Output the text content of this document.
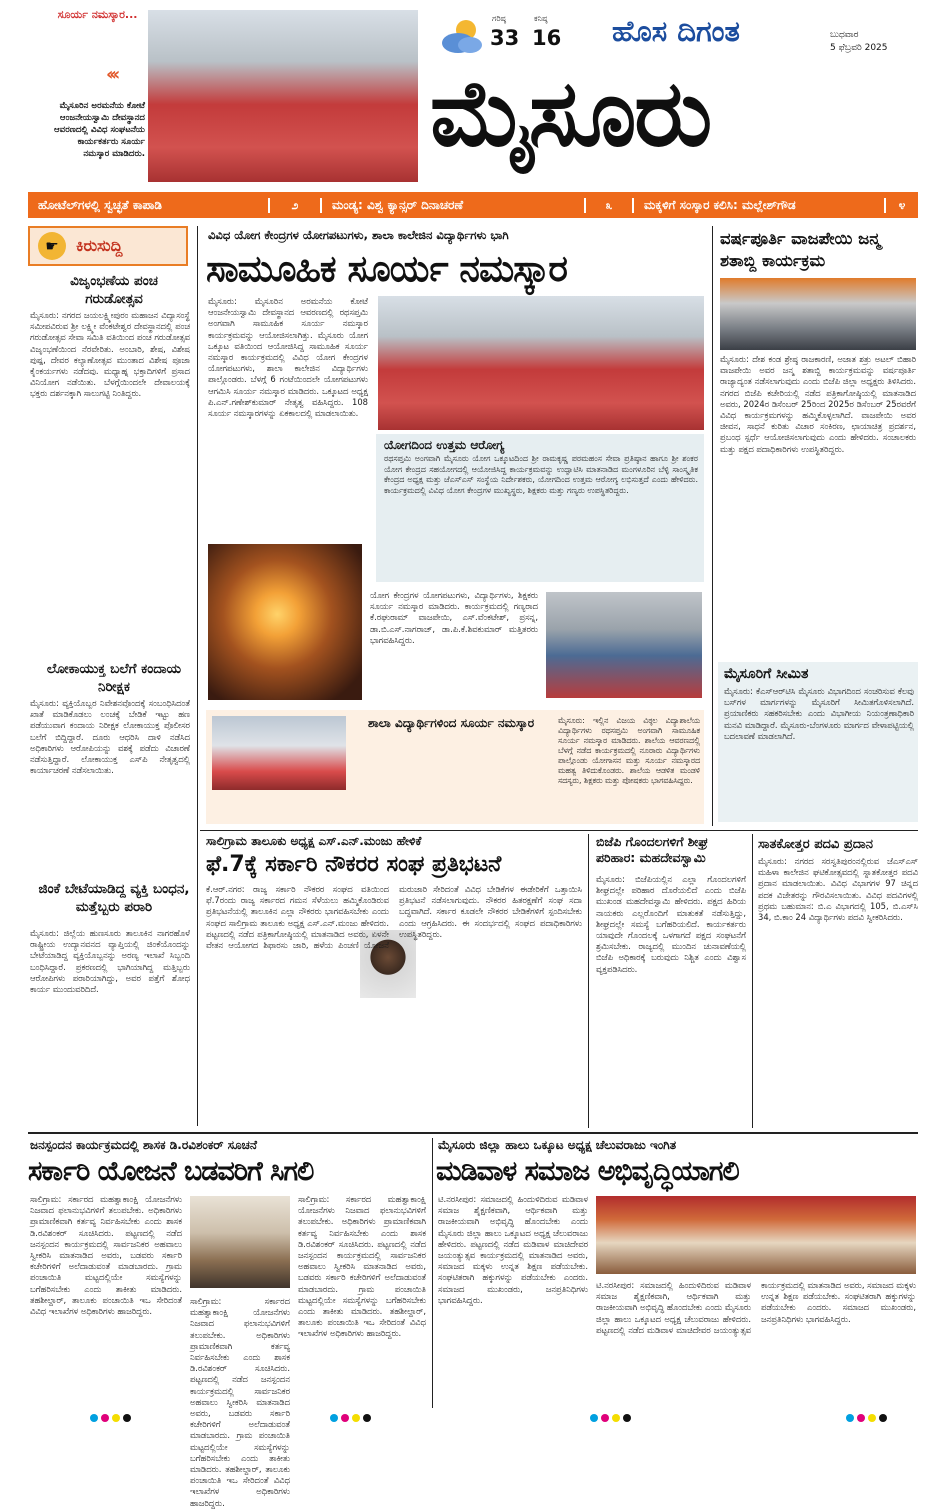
ಸೂರ್ಯ ನಮಸ್ಕಾರ...
‹‹‹
ಮೈಸೂರಿನ ಅರಮನೆಯ ಕೋಟೆ ಆಂಜನೇಯಸ್ವಾಮಿ ದೇವಸ್ಥಾನದ ಆವರಣದಲ್ಲಿ ವಿವಿಧ ಸಂಘಟನೆಯ ಕಾರ್ಯಕರ್ತರು ಸೂರ್ಯ ನಮಸ್ಕಾರ ಮಾಡಿದರು.
ಗರಿಷ್ಠ
33
ಕನಿಷ್ಠ
16 ಹೊಸ ದಿಗಂತ	ಬುಧವಾರ
5 ಫೆಬ್ರವರಿ 2025
ಮೈಸೂರು
ಹೋಟೆಲ್‌ಗಳಲ್ಲಿ ಸ್ವಚ್ಛತೆ ಕಾಪಾಡಿ	೨	ಮಂಡ್ಯ: ವಿಶ್ವ ಕ್ಯಾನ್ಸರ್ ದಿನಾಚರಣೆ	೩	ಮಕ್ಕಳಿಗೆ ಸಂಸ್ಕಾರ ಕಲಿಸಿ: ಮಲ್ಲೇಶ್‌ಗೌಡ	೪
☛	ಕಿರುಸುದ್ದಿ
ವಿಜೃಂಭಣೆಯ ಪಂಚ ಗರುಡೋತ್ಸವ
ಮೈಸೂರು: ನಗರದ ಜಯಲಕ್ಷ್ಮೀಪುರಂ ಮಹಾಜನ ವಿದ್ಯಾಸಂಸ್ಥೆ ಸಮೀಪವಿರುವ ಶ್ರೀ ಲಕ್ಷ್ಮೀ ವೆಂಕಟೇಶ್ವರ ದೇವಸ್ಥಾನದಲ್ಲಿ ಪಂಚ ಗರುಡೋತ್ಸವ ಸೇವಾ ಸಮಿತಿ ವತಿಯಿಂದ ಪಂಚ ಗರುಡೋತ್ಸವ ವಿಜೃಂಭಣೆಯಿಂದ ನೆರವೇರಿತು. ಅಂಬಾರಿ, ಶೇಷ, ವಿಶೇಷ ಪುಷ್ಪ, ದೇವರ ಕಲ್ಯಾಣೋತ್ಸವ ಮುಂತಾದ ವಿಶೇಷ ಪೂಜಾ ಕೈಂಕರ್ಯಗಳು ನಡೆದವು. ಮಧ್ಯಾಹ್ನ ಭಕ್ತಾದಿಗಳಿಗೆ ಪ್ರಸಾದ ವಿನಿಯೋಗ ನಡೆಯಿತು. ಬೆಳಗ್ಗೆಯಿಂದಲೇ ದೇವಾಲಯಕ್ಕೆ ಭಕ್ತರು ದರ್ಶನಕ್ಕಾಗಿ ಸಾಲುಗಟ್ಟಿ ನಿಂತಿದ್ದರು.
ಲೋಕಾಯುಕ್ತ ಬಲೆಗೆ ಕಂದಾಯ ನಿರೀಕ್ಷಕ
ಮೈಸೂರು: ವ್ಯಕ್ತಿಯೊಬ್ಬರ ನಿವೇಶನವೊಂದಕ್ಕೆ ಸಂಬಂಧಿಸಿದಂತೆ ಖಾತೆ ಮಾಡಿಕೊಡಲು ಲಂಚಕ್ಕೆ ಬೇಡಿಕೆ ಇಟ್ಟು ಹಣ ಪಡೆಯುವಾಗ ಕಂದಾಯ ನಿರೀಕ್ಷಕ ಲೋಕಾಯುಕ್ತ ಪೊಲೀಸರ ಬಲೆಗೆ ಬಿದ್ದಿದ್ದಾರೆ. ದೂರು ಆಧರಿಸಿ ದಾಳಿ ನಡೆಸಿದ ಅಧಿಕಾರಿಗಳು ಆರೋಪಿಯನ್ನು ವಶಕ್ಕೆ ಪಡೆದು ವಿಚಾರಣೆ ನಡೆಸುತ್ತಿದ್ದಾರೆ. ಲೋಕಾಯುಕ್ತ ಎಸ್‌ಪಿ ನೇತೃತ್ವದಲ್ಲಿ ಕಾರ್ಯಾಚರಣೆ ನಡೆಸಲಾಯಿತು.
ಜಿಂಕೆ ಬೇಟೆಯಾಡಿದ್ದ ವ್ಯಕ್ತಿ ಬಂಧನ, ಮತ್ತೆಬ್ಬರು ಪರಾರಿ
ಮೈಸೂರು: ಜಿಲ್ಲೆಯ ಹುಣಸೂರು ತಾಲೂಕಿನ ನಾಗರಹೊಳೆ ರಾಷ್ಟ್ರೀಯ ಉದ್ಯಾನವನದ ವ್ಯಾಪ್ತಿಯಲ್ಲಿ ಜಿಂಕೆಯೊಂದನ್ನು ಬೇಟೆಯಾಡಿದ್ದ ವ್ಯಕ್ತಿಯೊಬ್ಬನನ್ನು ಅರಣ್ಯ ಇಲಾಖೆ ಸಿಬ್ಬಂದಿ ಬಂಧಿಸಿದ್ದಾರೆ. ಪ್ರಕರಣದಲ್ಲಿ ಭಾಗಿಯಾಗಿದ್ದ ಮತ್ತಿಬ್ಬರು ಆರೋಪಿಗಳು ಪರಾರಿಯಾಗಿದ್ದು, ಅವರ ಪತ್ತೆಗೆ ಶೋಧ ಕಾರ್ಯ ಮುಂದುವರಿದಿದೆ.
ವಿವಿಧ ಯೋಗ ಕೇಂದ್ರಗಳ ಯೋಗಪಟುಗಳು, ಶಾಲಾ ಕಾಲೇಜಿನ ವಿದ್ಯಾರ್ಥಿಗಳು ಭಾಗಿ
ಸಾಮೂಹಿಕ ಸೂರ್ಯ ನಮಸ್ಕಾರ
ಮೈಸೂರು: ಮೈಸೂರಿನ ಅರಮನೆಯ ಕೋಟೆ ಆಂಜನೇಯಸ್ವಾಮಿ ದೇವಸ್ಥಾನದ ಆವರಣದಲ್ಲಿ ರಥಸಪ್ತಮಿ ಅಂಗವಾಗಿ ಸಾಮೂಹಿಕ ಸೂರ್ಯ ನಮಸ್ಕಾರ ಕಾರ್ಯಕ್ರಮವನ್ನು ಆಯೋಜಿಸಲಾಗಿತ್ತು. ಮೈಸೂರು ಯೋಗ ಒಕ್ಕೂಟ ವತಿಯಿಂದ ಆಯೋಜಿಸಿದ್ದ ಸಾಮೂಹಿಕ ಸೂರ್ಯ ನಮಸ್ಕಾರ ಕಾರ್ಯಕ್ರಮದಲ್ಲಿ ವಿವಿಧ ಯೋಗ ಕೇಂದ್ರಗಳ ಯೋಗಪಟುಗಳು, ಶಾಲಾ ಕಾಲೇಜಿನ ವಿದ್ಯಾರ್ಥಿಗಳು ಪಾಲ್ಗೊಂಡರು. ಬೆಳಗ್ಗೆ 6 ಗಂಟೆಯಿಂದಲೇ ಯೋಗಪಟುಗಳು ಆಗಮಿಸಿ ಸೂರ್ಯ ನಮಸ್ಕಾರ ಮಾಡಿದರು. ಒಕ್ಕೂಟದ ಅಧ್ಯಕ್ಷ ಪಿ.ಎನ್.ಗಣೇಶ್‌ಕುಮಾರ್ ನೇತೃತ್ವ ವಹಿಸಿದ್ದರು. 108 ಸೂರ್ಯ ನಮಸ್ಕಾರಗಳನ್ನು ಏಕಕಾಲದಲ್ಲಿ ಮಾಡಲಾಯಿತು.
ಯೋಗದಿಂದ ಉತ್ತಮ ಆರೋಗ್ಯ
ರಥಸಪ್ತಮಿ ಅಂಗವಾಗಿ ಮೈಸೂರು ಯೋಗ ಒಕ್ಕೂಟದಿಂದ ಶ್ರೀ ರಾಮಕೃಷ್ಣ ಪರಮಹಂಸ ಸೇವಾ ಪ್ರತಿಷ್ಠಾನ ಹಾಗೂ ಶ್ರೀ ಶಂಕರ ಯೋಗ ಕೇಂದ್ರದ ಸಹಯೋಗದಲ್ಲಿ ಆಯೋಜಿಸಿದ್ದ ಕಾರ್ಯಕ್ರಮವನ್ನು ಉದ್ಘಾಟಿಸಿ ಮಾತನಾಡಿದ ಮಂಗಳೂರಿನ ಬೆಳ್ಳಿ ಸಾಂಸ್ಕೃತಿಕ ಕೇಂದ್ರದ ಅಧ್ಯಕ್ಷ ಮತ್ತು ಜೆಎಸ್‌ಎಸ್ ಸಂಸ್ಥೆಯ ನಿರ್ದೇಶಕರು, ಯೋಗದಿಂದ ಉತ್ತಮ ಆರೋಗ್ಯ ಲಭಿಸುತ್ತದೆ ಎಂದು ಹೇಳಿದರು. ಕಾರ್ಯಕ್ರಮದಲ್ಲಿ ವಿವಿಧ ಯೋಗ ಕೇಂದ್ರಗಳ ಮುಖ್ಯಸ್ಥರು, ಶಿಕ್ಷಕರು ಮತ್ತು ಗಣ್ಯರು ಉಪಸ್ಥಿತರಿದ್ದರು.
ಯೋಗ ಕೇಂದ್ರಗಳ ಯೋಗಪಟುಗಳು, ವಿದ್ಯಾರ್ಥಿಗಳು, ಶಿಕ್ಷಕರು ಸೂರ್ಯ ನಮಸ್ಕಾರ ಮಾಡಿದರು. ಕಾರ್ಯಕ್ರಮದಲ್ಲಿ ಗಣ್ಯರಾದ ಕೆ.ರಘುರಾಮ್ ವಾಜಪೇಯಿ, ಎಸ್.ವೆಂಕಟೇಶ್, ಪ್ರಸನ್ನ, ಡಾ.ಬಿ.ಎಸ್.ನಾಗರಾಜ್, ಡಾ.ಪಿ.ಕೆ.ಶಿವಕುಮಾರ್ ಮತ್ತಿತರರು ಭಾಗವಹಿಸಿದ್ದರು.
ಶಾಲಾ ವಿದ್ಯಾರ್ಥಿಗಳಿಂದ ಸೂರ್ಯ ನಮಸ್ಕಾರ	ಮೈಸೂರು: ಇಲ್ಲಿನ ವಿಜಯ ವಿಠ್ಠಲ ವಿದ್ಯಾಶಾಲೆಯ ವಿದ್ಯಾರ್ಥಿಗಳು ರಥಸಪ್ತಮಿ ಅಂಗವಾಗಿ ಸಾಮೂಹಿಕ ಸೂರ್ಯ ನಮಸ್ಕಾರ ಮಾಡಿದರು. ಶಾಲೆಯ ಆವರಣದಲ್ಲಿ ಬೆಳಗ್ಗೆ ನಡೆದ ಕಾರ್ಯಕ್ರಮದಲ್ಲಿ ನೂರಾರು ವಿದ್ಯಾರ್ಥಿಗಳು ಪಾಲ್ಗೊಂಡು ಯೋಗಾಸನ ಮತ್ತು ಸೂರ್ಯ ನಮಸ್ಕಾರದ ಮಹತ್ವ ತಿಳಿದುಕೊಂಡರು. ಶಾಲೆಯ ಆಡಳಿತ ಮಂಡಳಿ ಸದಸ್ಯರು, ಶಿಕ್ಷಕರು ಮತ್ತು ಪೋಷಕರು ಭಾಗವಹಿಸಿದ್ದರು.
ವರ್ಷಪೂರ್ತಿ ವಾಜಪೇಯಿ ಜನ್ಮ ಶತಾಬ್ದಿ ಕಾರ್ಯಕ್ರಮ
ಮೈಸೂರು: ದೇಶ ಕಂಡ ಶ್ರೇಷ್ಠ ರಾಜಕಾರಣಿ, ಅಜಾತ ಶತ್ರು ಅಟಲ್ ಬಿಹಾರಿ ವಾಜಪೇಯಿ ಅವರ ಜನ್ಮ ಶತಾಬ್ದಿ ಕಾರ್ಯಕ್ರಮವನ್ನು ವರ್ಷಪೂರ್ತಿ ರಾಜ್ಯಾದ್ಯಂತ ನಡೆಸಲಾಗುವುದು ಎಂದು ಬಿಜೆಪಿ ಜಿಲ್ಲಾ ಅಧ್ಯಕ್ಷರು ತಿಳಿಸಿದರು. ನಗರದ ಬಿಜೆಪಿ ಕಚೇರಿಯಲ್ಲಿ ನಡೆದ ಪತ್ರಿಕಾಗೋಷ್ಠಿಯಲ್ಲಿ ಮಾತನಾಡಿದ ಅವರು, 2024ರ ಡಿಸೆಂಬರ್ 25ರಿಂದ 2025ರ ಡಿಸೆಂಬರ್ 25ರವರೆಗೆ ವಿವಿಧ ಕಾರ್ಯಕ್ರಮಗಳನ್ನು ಹಮ್ಮಿಕೊಳ್ಳಲಾಗಿದೆ. ವಾಜಪೇಯಿ ಅವರ ಜೀವನ, ಸಾಧನೆ ಕುರಿತು ವಿಚಾರ ಸಂಕಿರಣ, ಛಾಯಾಚಿತ್ರ ಪ್ರದರ್ಶನ, ಪ್ರಬಂಧ ಸ್ಪರ್ಧೆ ಆಯೋಜಿಸಲಾಗುವುದು ಎಂದು ಹೇಳಿದರು. ಸಂಚಾಲಕರು ಮತ್ತು ಪಕ್ಷದ ಪದಾಧಿಕಾರಿಗಳು ಉಪಸ್ಥಿತರಿದ್ದರು.
ಮೈಸೂರಿಗೆ ಸೀಮಿತ
ಮೈಸೂರು: ಕೆಎಸ್‌ಆರ್‌ಟಿಸಿ ಮೈಸೂರು ವಿಭಾಗದಿಂದ ಸಂಚರಿಸುವ ಕೆಲವು ಬಸ್‌ಗಳ ಮಾರ್ಗಗಳನ್ನು ಮೈಸೂರಿಗೆ ಸೀಮಿತಗೊಳಿಸಲಾಗಿದೆ. ಪ್ರಯಾಣಿಕರು ಸಹಕರಿಸಬೇಕು ಎಂದು ವಿಭಾಗೀಯ ನಿಯಂತ್ರಣಾಧಿಕಾರಿ ಮನವಿ ಮಾಡಿದ್ದಾರೆ. ಮೈಸೂರು-ಬೆಂಗಳೂರು ಮಾರ್ಗದ ವೇಳಾಪಟ್ಟಿಯಲ್ಲಿ ಬದಲಾವಣೆ ಮಾಡಲಾಗಿದೆ.
ಸಾಲಿಗ್ರಾಮ ತಾಲೂಕು ಅಧ್ಯಕ್ಷ ಎಸ್.ಎನ್.ಮಂಜು ಹೇಳಿಕೆ
ಫೆ.7ಕ್ಕೆ ಸರ್ಕಾರಿ ನೌಕರರ ಸಂಘ ಪ್ರತಿಭಟನೆ
ಕೆ.ಆರ್.ನಗರ: ರಾಜ್ಯ ಸರ್ಕಾರಿ ನೌಕರರ ಸಂಘದ ವತಿಯಿಂದ ಫೆ.7ರಂದು ರಾಜ್ಯ ಸರ್ಕಾರದ ಗಮನ ಸೆಳೆಯಲು ಹಮ್ಮಿಕೊಂಡಿರುವ ಪ್ರತಿಭಟನೆಯಲ್ಲಿ ತಾಲೂಕಿನ ಎಲ್ಲಾ ನೌಕರರು ಭಾಗವಹಿಸಬೇಕು ಎಂದು ಸಂಘದ ಸಾಲಿಗ್ರಾಮ ತಾಲೂಕು ಅಧ್ಯಕ್ಷ ಎಸ್.ಎನ್.ಮಂಜು ಹೇಳಿದರು. ಪಟ್ಟಣದಲ್ಲಿ ನಡೆದ ಪತ್ರಿಕಾಗೋಷ್ಠಿಯಲ್ಲಿ ಮಾತನಾಡಿದ ಅವರು, ಏಳನೇ ವೇತನ ಆಯೋಗದ ಶಿಫಾರಸು ಜಾರಿ, ಹಳೆಯ ಪಿಂಚಣಿ ಯೋಜನೆ ಮರುಜಾರಿ ಸೇರಿದಂತೆ ವಿವಿಧ ಬೇಡಿಕೆಗಳ ಈಡೇರಿಕೆಗೆ ಒತ್ತಾಯಿಸಿ ಪ್ರತಿಭಟನೆ ನಡೆಸಲಾಗುವುದು. ನೌಕರರ ಹಿತರಕ್ಷಣೆಗೆ ಸಂಘ ಸದಾ ಬದ್ಧವಾಗಿದೆ. ಸರ್ಕಾರ ಕೂಡಲೇ ನೌಕರರ ಬೇಡಿಕೆಗಳಿಗೆ ಸ್ಪಂದಿಸಬೇಕು ಎಂದು ಆಗ್ರಹಿಸಿದರು. ಈ ಸಂದರ್ಭದಲ್ಲಿ ಸಂಘದ ಪದಾಧಿಕಾರಿಗಳು ಉಪಸ್ಥಿತರಿದ್ದರು.
ಬಿಜೆಪಿ ಗೊಂದಲಗಳಿಗೆ ಶೀಘ್ರ ಪರಿಹಾರ: ಮಹದೇವಸ್ವಾಮಿ
ಮೈಸೂರು: ಬಿಜೆಪಿಯಲ್ಲಿನ ಎಲ್ಲಾ ಗೊಂದಲಗಳಿಗೆ ಶೀಘ್ರದಲ್ಲೇ ಪರಿಹಾರ ದೊರೆಯಲಿದೆ ಎಂದು ಬಿಜೆಪಿ ಮುಖಂಡ ಮಹದೇವಸ್ವಾಮಿ ಹೇಳಿದರು. ಪಕ್ಷದ ಹಿರಿಯ ನಾಯಕರು ಎಲ್ಲರೊಂದಿಗೆ ಮಾತುಕತೆ ನಡೆಸುತ್ತಿದ್ದು, ಶೀಘ್ರದಲ್ಲೇ ಸಮಸ್ಯೆ ಬಗೆಹರಿಯಲಿದೆ. ಕಾರ್ಯಕರ್ತರು ಯಾವುದೇ ಗೊಂದಲಕ್ಕೆ ಒಳಗಾಗದೆ ಪಕ್ಷದ ಸಂಘಟನೆಗೆ ಶ್ರಮಿಸಬೇಕು. ರಾಜ್ಯದಲ್ಲಿ ಮುಂದಿನ ಚುನಾವಣೆಯಲ್ಲಿ ಬಿಜೆಪಿ ಅಧಿಕಾರಕ್ಕೆ ಬರುವುದು ನಿಶ್ಚಿತ ಎಂದು ವಿಶ್ವಾಸ ವ್ಯಕ್ತಪಡಿಸಿದರು.
ಸಾತಕೋತ್ತರ ಪದವಿ ಪ್ರದಾನ
ಮೈಸೂರು: ನಗರದ ಸರಸ್ವತಿಪುರಂನಲ್ಲಿರುವ ಜೆಎಸ್‌ಎಸ್ ಮಹಿಳಾ ಕಾಲೇಜಿನ ಘಟಿಕೋತ್ಸವದಲ್ಲಿ ಸ್ನಾತಕೋತ್ತರ ಪದವಿ ಪ್ರದಾನ ಮಾಡಲಾಯಿತು. ವಿವಿಧ ವಿಭಾಗಗಳ 97 ಚಿನ್ನದ ಪದಕ ವಿಜೇತರನ್ನು ಗೌರವಿಸಲಾಯಿತು. ವಿವಿಧ ಪದವಿಗಳಲ್ಲಿ ಪ್ರಥಮ ಬಹುಮಾನ: ಬಿ.ಎ ವಿಭಾಗದಲ್ಲಿ 105, ಬಿ.ಎಸ್‌ಸಿ 34, ಬಿ.ಕಾಂ 24 ವಿದ್ಯಾರ್ಥಿಗಳು ಪದವಿ ಸ್ವೀಕರಿಸಿದರು.
ಜನಸ್ಪಂದನ ಕಾರ್ಯಕ್ರಮದಲ್ಲಿ ಶಾಸಕ ಡಿ.ರವಿಶಂಕರ್ ಸೂಚನೆ
ಸರ್ಕಾರಿ ಯೋಜನೆ ಬಡವರಿಗೆ ಸಿಗಲಿ
ಸಾಲಿಗ್ರಾಮ: ಸರ್ಕಾರದ ಮಹತ್ವಾಕಾಂಕ್ಷಿ ಯೋಜನೆಗಳು ನಿಜವಾದ ಫಲಾನುಭವಿಗಳಿಗೆ ತಲುಪಬೇಕು. ಅಧಿಕಾರಿಗಳು ಪ್ರಾಮಾಣಿಕವಾಗಿ ಕರ್ತವ್ಯ ನಿರ್ವಹಿಸಬೇಕು ಎಂದು ಶಾಸಕ ಡಿ.ರವಿಶಂಕರ್ ಸೂಚಿಸಿದರು. ಪಟ್ಟಣದಲ್ಲಿ ನಡೆದ ಜನಸ್ಪಂದನ ಕಾರ್ಯಕ್ರಮದಲ್ಲಿ ಸಾರ್ವಜನಿಕರ ಅಹವಾಲು ಸ್ವೀಕರಿಸಿ ಮಾತನಾಡಿದ ಅವರು, ಬಡವರು ಸರ್ಕಾರಿ ಕಚೇರಿಗಳಿಗೆ ಅಲೆದಾಡುವಂತೆ ಮಾಡಬಾರದು. ಗ್ರಾಮ ಪಂಚಾಯಿತಿ ಮಟ್ಟದಲ್ಲಿಯೇ ಸಮಸ್ಯೆಗಳನ್ನು ಬಗೆಹರಿಸಬೇಕು ಎಂದು ತಾಕೀತು ಮಾಡಿದರು. ತಹಶೀಲ್ದಾರ್, ತಾಲೂಕು ಪಂಚಾಯಿತಿ ಇಒ ಸೇರಿದಂತೆ ವಿವಿಧ ಇಲಾಖೆಗಳ ಅಧಿಕಾರಿಗಳು ಹಾಜರಿದ್ದರು.
ಸಾಲಿಗ್ರಾಮ: ಸರ್ಕಾರದ ಮಹತ್ವಾಕಾಂಕ್ಷಿ ಯೋಜನೆಗಳು ನಿಜವಾದ ಫಲಾನುಭವಿಗಳಿಗೆ ತಲುಪಬೇಕು. ಅಧಿಕಾರಿಗಳು ಪ್ರಾಮಾಣಿಕವಾಗಿ ಕರ್ತವ್ಯ ನಿರ್ವಹಿಸಬೇಕು ಎಂದು ಶಾಸಕ ಡಿ.ರವಿಶಂಕರ್ ಸೂಚಿಸಿದರು. ಪಟ್ಟಣದಲ್ಲಿ ನಡೆದ ಜನಸ್ಪಂದನ ಕಾರ್ಯಕ್ರಮದಲ್ಲಿ ಸಾರ್ವಜನಿಕರ ಅಹವಾಲು ಸ್ವೀಕರಿಸಿ ಮಾತನಾಡಿದ ಅವರು, ಬಡವರು ಸರ್ಕಾರಿ ಕಚೇರಿಗಳಿಗೆ ಅಲೆದಾಡುವಂತೆ ಮಾಡಬಾರದು. ಗ್ರಾಮ ಪಂಚಾಯಿತಿ ಮಟ್ಟದಲ್ಲಿಯೇ ಸಮಸ್ಯೆಗಳನ್ನು ಬಗೆಹರಿಸಬೇಕು ಎಂದು ತಾಕೀತು ಮಾಡಿದರು. ತಹಶೀಲ್ದಾರ್, ತಾಲೂಕು ಪಂಚಾಯಿತಿ ಇಒ ಸೇರಿದಂತೆ ವಿವಿಧ ಇಲಾಖೆಗಳ ಅಧಿಕಾರಿಗಳು ಹಾಜರಿದ್ದರು.
ಸಾಲಿಗ್ರಾಮ: ಸರ್ಕಾರದ ಮಹತ್ವಾಕಾಂಕ್ಷಿ ಯೋಜನೆಗಳು ನಿಜವಾದ ಫಲಾನುಭವಿಗಳಿಗೆ ತಲುಪಬೇಕು. ಅಧಿಕಾರಿಗಳು ಪ್ರಾಮಾಣಿಕವಾಗಿ ಕರ್ತವ್ಯ ನಿರ್ವಹಿಸಬೇಕು ಎಂದು ಶಾಸಕ ಡಿ.ರವಿಶಂಕರ್ ಸೂಚಿಸಿದರು. ಪಟ್ಟಣದಲ್ಲಿ ನಡೆದ ಜನಸ್ಪಂದನ ಕಾರ್ಯಕ್ರಮದಲ್ಲಿ ಸಾರ್ವಜನಿಕರ ಅಹವಾಲು ಸ್ವೀಕರಿಸಿ ಮಾತನಾಡಿದ ಅವರು, ಬಡವರು ಸರ್ಕಾರಿ ಕಚೇರಿಗಳಿಗೆ ಅಲೆದಾಡುವಂತೆ ಮಾಡಬಾರದು. ಗ್ರಾಮ ಪಂಚಾಯಿತಿ ಮಟ್ಟದಲ್ಲಿಯೇ ಸಮಸ್ಯೆಗಳನ್ನು ಬಗೆಹರಿಸಬೇಕು ಎಂದು ತಾಕೀತು ಮಾಡಿದರು. ತಹಶೀಲ್ದಾರ್, ತಾಲೂಕು ಪಂಚಾಯಿತಿ ಇಒ ಸೇರಿದಂತೆ ವಿವಿಧ ಇಲಾಖೆಗಳ ಅಧಿಕಾರಿಗಳು ಹಾಜರಿದ್ದರು.
ಮೈಸೂರು ಜಿಲ್ಲಾ ಹಾಲು ಒಕ್ಕೂಟ ಅಧ್ಯಕ್ಷ ಚೆಲುವರಾಜು ಇಂಗಿತ
ಮಡಿವಾಳ ಸಮಾಜ ಅಭಿವೃದ್ಧಿಯಾಗಲಿ
ಟಿ.ನರಸೀಪುರ: ಸಮಾಜದಲ್ಲಿ ಹಿಂದುಳಿದಿರುವ ಮಡಿವಾಳ ಸಮಾಜ ಶೈಕ್ಷಣಿಕವಾಗಿ, ಆರ್ಥಿಕವಾಗಿ ಮತ್ತು ರಾಜಕೀಯವಾಗಿ ಅಭಿವೃದ್ಧಿ ಹೊಂದಬೇಕು ಎಂದು ಮೈಸೂರು ಜಿಲ್ಲಾ ಹಾಲು ಒಕ್ಕೂಟದ ಅಧ್ಯಕ್ಷ ಚೆಲುವರಾಜು ಹೇಳಿದರು. ಪಟ್ಟಣದಲ್ಲಿ ನಡೆದ ಮಡಿವಾಳ ಮಾಚಿದೇವರ ಜಯಂತ್ಯುತ್ಸವ ಕಾರ್ಯಕ್ರಮದಲ್ಲಿ ಮಾತನಾಡಿದ ಅವರು, ಸಮಾಜದ ಮಕ್ಕಳು ಉನ್ನತ ಶಿಕ್ಷಣ ಪಡೆಯಬೇಕು. ಸಂಘಟಿತರಾಗಿ ಹಕ್ಕುಗಳನ್ನು ಪಡೆಯಬೇಕು ಎಂದರು. ಸಮಾಜದ ಮುಖಂಡರು, ಜನಪ್ರತಿನಿಧಿಗಳು ಭಾಗವಹಿಸಿದ್ದರು.
ಟಿ.ನರಸೀಪುರ: ಸಮಾಜದಲ್ಲಿ ಹಿಂದುಳಿದಿರುವ ಮಡಿವಾಳ ಸಮಾಜ ಶೈಕ್ಷಣಿಕವಾಗಿ, ಆರ್ಥಿಕವಾಗಿ ಮತ್ತು ರಾಜಕೀಯವಾಗಿ ಅಭಿವೃದ್ಧಿ ಹೊಂದಬೇಕು ಎಂದು ಮೈಸೂರು ಜಿಲ್ಲಾ ಹಾಲು ಒಕ್ಕೂಟದ ಅಧ್ಯಕ್ಷ ಚೆಲುವರಾಜು ಹೇಳಿದರು. ಪಟ್ಟಣದಲ್ಲಿ ನಡೆದ ಮಡಿವಾಳ ಮಾಚಿದೇವರ ಜಯಂತ್ಯುತ್ಸವ ಕಾರ್ಯಕ್ರಮದಲ್ಲಿ ಮಾತನಾಡಿದ ಅವರು, ಸಮಾಜದ ಮಕ್ಕಳು ಉನ್ನತ ಶಿಕ್ಷಣ ಪಡೆಯಬೇಕು. ಸಂಘಟಿತರಾಗಿ ಹಕ್ಕುಗಳನ್ನು ಪಡೆಯಬೇಕು ಎಂದರು. ಸಮಾಜದ ಮುಖಂಡರು, ಜನಪ್ರತಿನಿಧಿಗಳು ಭಾಗವಹಿಸಿದ್ದರು.
